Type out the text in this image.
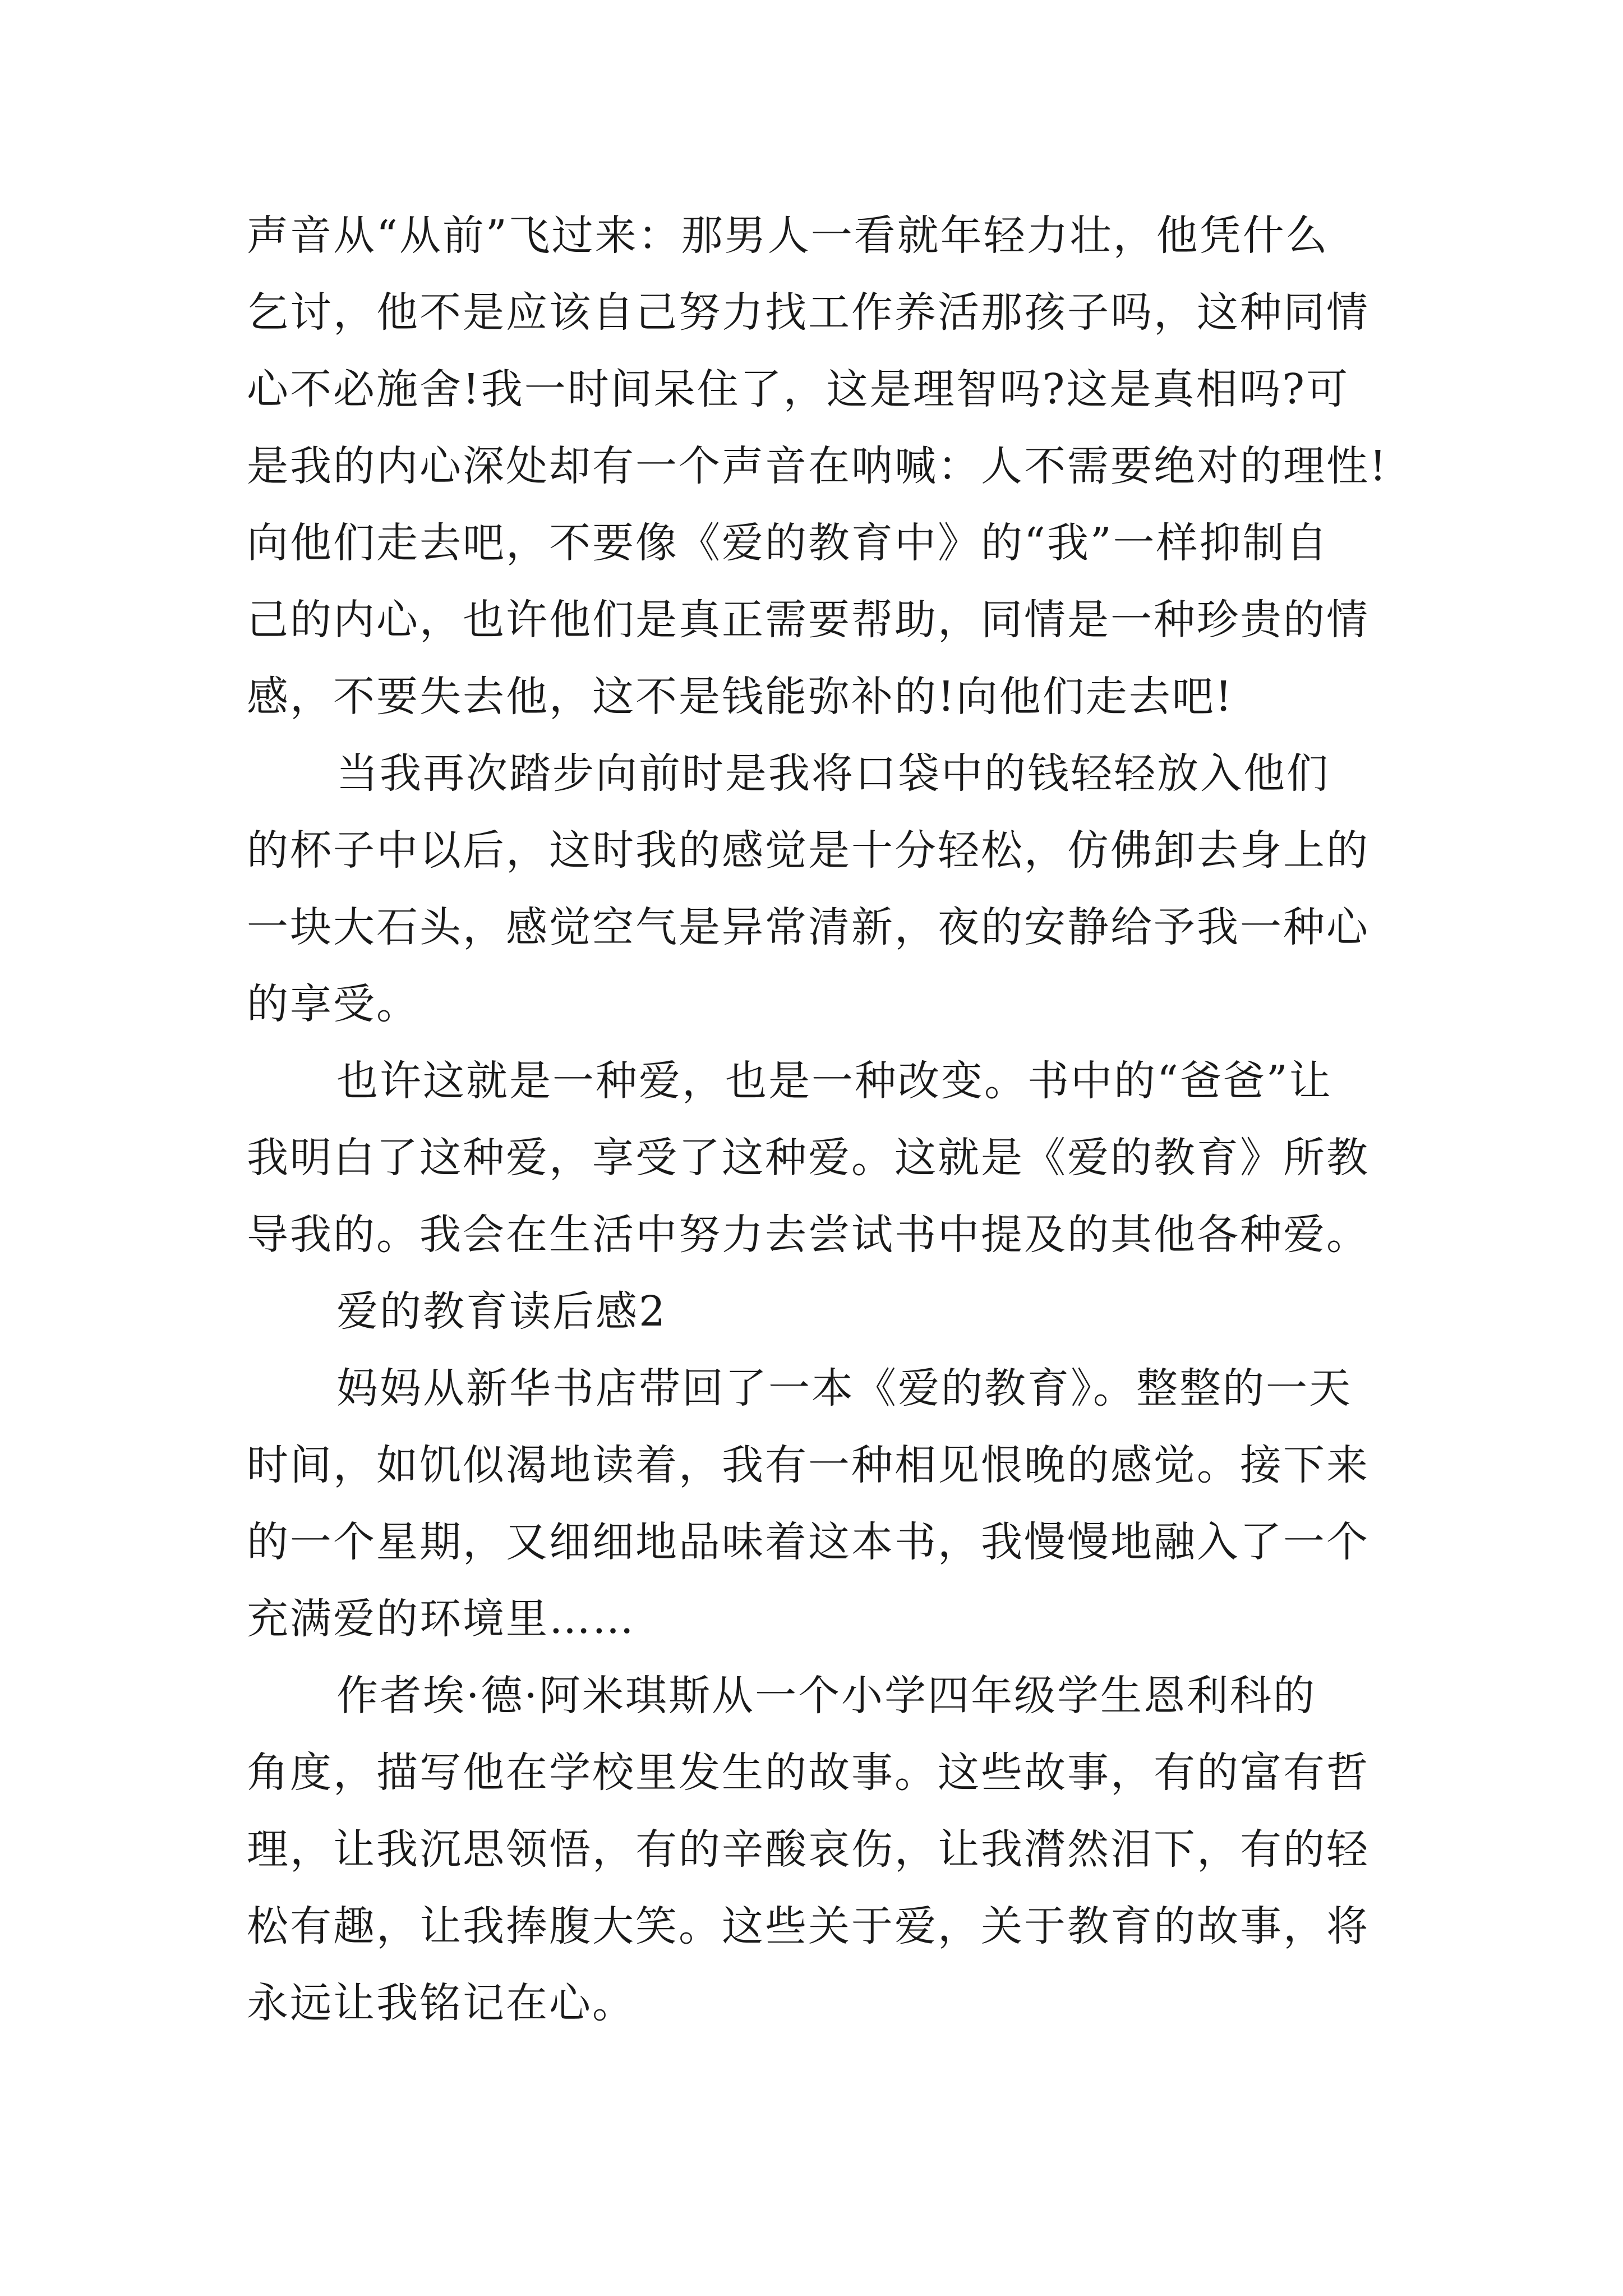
声音从“从前”飞过来：那男人一看就年轻力壮，他凭什么
乞讨，他不是应该自己努力找工作养活那孩子吗，这种同情
心不必施舍!我一时间呆住了，这是理智吗?这是真相吗?可
是我的内心深处却有一个声音在呐喊：人不需要绝对的理性!
向他们走去吧，不要像《爱的教育中》的“我”一样抑制自
己的内心，也许他们是真正需要帮助，同情是一种珍贵的情
感，不要失去他，这不是钱能弥补的!向他们走去吧!
当我再次踏步向前时是我将口袋中的钱轻轻放入他们
的杯子中以后，这时我的感觉是十分轻松，仿佛卸去身上的
一块大石头，感觉空气是异常清新，夜的安静给予我一种心
的享受。
也许这就是一种爱，也是一种改变。书中的“爸爸”让
我明白了这种爱，享受了这种爱。这就是《爱的教育》所教
导我的。我会在生活中努力去尝试书中提及的其他各种爱。
爱的教育读后感2
妈妈从新华书店带回了一本《爱的教育》。整整的一天
时间，如饥似渴地读着，我有一种相见恨晚的感觉。接下来
的一个星期，又细细地品味着这本书，我慢慢地融入了一个
充满爱的环境里……
作者埃·德·阿米琪斯从一个小学四年级学生恩利科的
角度，描写他在学校里发生的故事。这些故事，有的富有哲
理，让我沉思领悟，有的辛酸哀伤，让我潸然泪下，有的轻
松有趣，让我捧腹大笑。这些关于爱，关于教育的故事，将
永远让我铭记在心。
